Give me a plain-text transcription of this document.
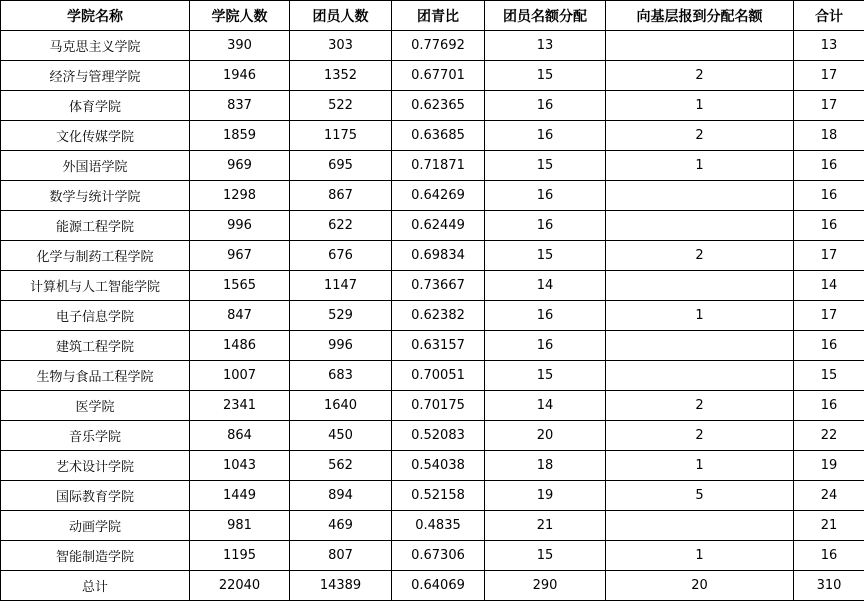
学院名称	学院人数	团员人数	团青比	团员名额分配	向基层报到分配名额	合计
马克思主义学院	390	303	0.77692	13		13
经济与管理学院	1946	1352	0.67701	15	2	17
体育学院	837	522	0.62365	16	1	17
文化传媒学院	1859	1175	0.63685	16	2	18
外国语学院	969	695	0.71871	15	1	16
数学与统计学院	1298	867	0.64269	16		16
能源工程学院	996	622	0.62449	16		16
化学与制药工程学院	967	676	0.69834	15	2	17
计算机与人工智能学院	1565	1147	0.73667	14		14
电子信息学院	847	529	0.62382	16	1	17
建筑工程学院	1486	996	0.63157	16		16
生物与食品工程学院	1007	683	0.70051	15		15
医学院	2341	1640	0.70175	14	2	16
音乐学院	864	450	0.52083	20	2	22
艺术设计学院	1043	562	0.54038	18	1	19
国际教育学院	1449	894	0.52158	19	5	24
动画学院	981	469	0.4835	21		21
智能制造学院	1195	807	0.67306	15	1	16
总计	22040	14389	0.64069	290	20	310
